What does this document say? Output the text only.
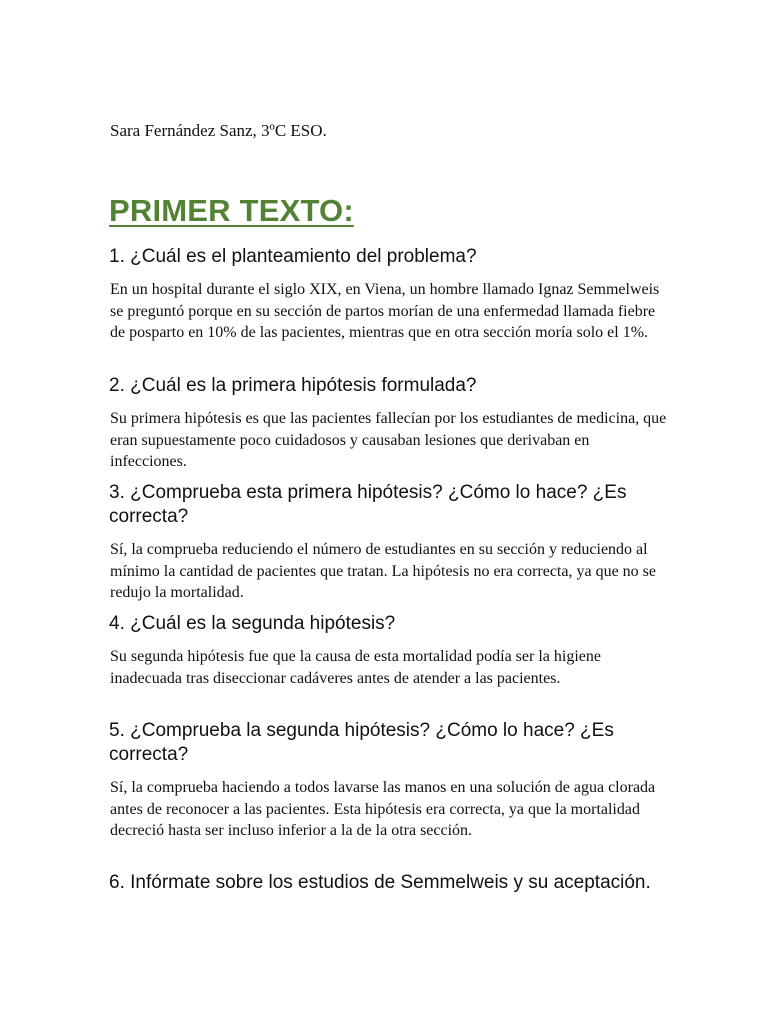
Sara Fernández Sanz, 3ºC ESO.

PRIMER TEXTO:
1. ¿Cuál es el planteamiento del problema?

En un hospital durante el siglo XIX, en Viena, un hombre llamado Ignaz Semmelweis se preguntó porque en su sección de partos morían de una enfermedad llamada fiebre de posparto en 10% de las pacientes, mientras que en otra sección moría solo el 1%.

2. ¿Cuál es la primera hipótesis formulada?

Su primera hipótesis es que las pacientes fallecían por los estudiantes de medicina, que eran supuestamente poco cuidadosos y causaban lesiones que derivaban en infecciones.

3. ¿Comprueba esta primera hipótesis? ¿Cómo lo hace? ¿Es correcta?

Sí, la comprueba reduciendo el número de estudiantes en su sección y reduciendo al mínimo la cantidad de pacientes que tratan. La hipótesis no era correcta, ya que no se redujo la mortalidad.

4. ¿Cuál es la segunda hipótesis?

Su segunda hipótesis fue que la causa de esta mortalidad podía ser la higiene inadecuada tras diseccionar cadáveres antes de atender a las pacientes.

5. ¿Comprueba la segunda hipótesis? ¿Cómo lo hace? ¿Es correcta?

Sí, la comprueba haciendo a todos lavarse las manos en una solución de agua clorada antes de reconocer a las pacientes. Esta hipótesis era correcta, ya que la mortalidad decreció hasta ser incluso inferior a la de la otra sección.

6. Infórmate sobre los estudios de Semmelweis y su aceptación.
